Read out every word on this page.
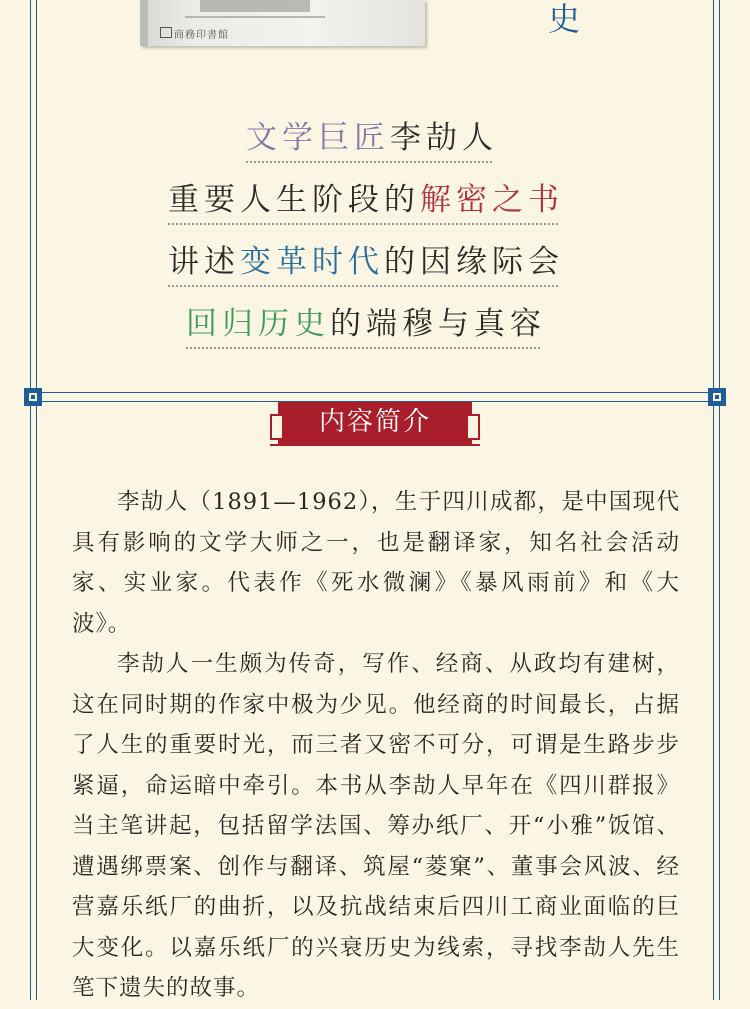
商務印書館	史
文学巨匠李劼人
重要人生阶段的解密之书
讲述变革时代的因缘际会
回归历史的端穆与真容
内容简介

李劼人（1891—1962），生于四川成都，是中国现代具有影响的文学大师之一，也是翻译家，知名社会活动家、实业家。代表作《死水微澜》《暴风雨前》和《大波》。

李劼人一生颇为传奇，写作、经商、从政均有建树，这在同时期的作家中极为少见。他经商的时间最长，占据了人生的重要时光，而三者又密不可分，可谓是生路步步紧逼，命运暗中牵引。本书从李劼人早年在《四川群报》当主笔讲起，包括留学法国、筹办纸厂、开“小雅”饭馆、遭遇绑票案、创作与翻译、筑屋“菱窠”、董事会风波、经营嘉乐纸厂的曲折，以及抗战结束后四川工商业面临的巨大变化。以嘉乐纸厂的兴衰历史为线索，寻找李劼人先生笔下遗失的故事。
